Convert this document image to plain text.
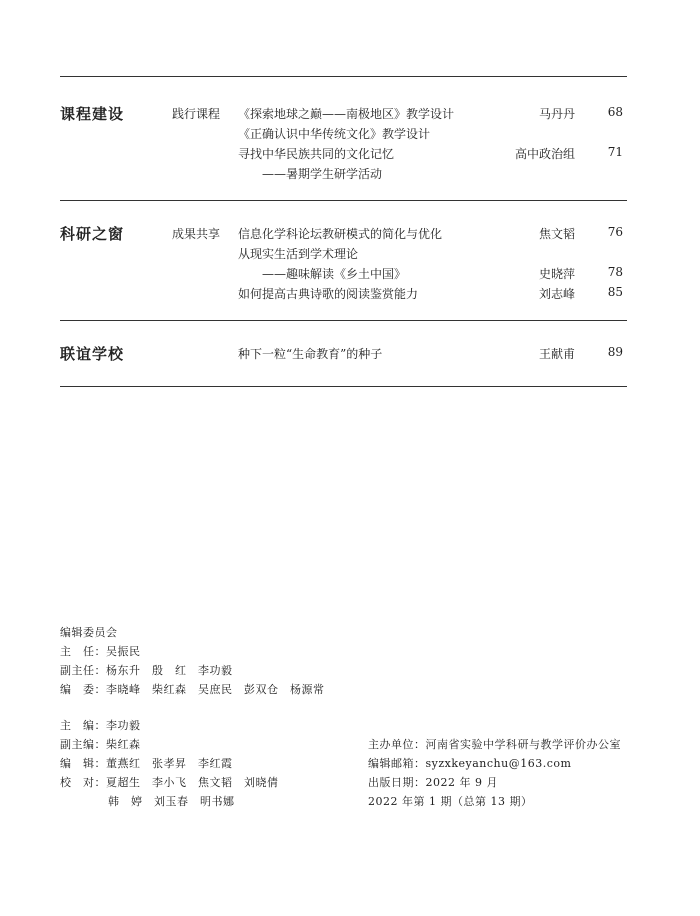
课程建设	践行课程 《探索地球之巅——南极地区》教学设计	马丹丹	68
《正确认识中华传统文化》教学设计
寻找中华民族共同的文化记忆	高中政治组	71
——暑期学生研学活动
科研之窗	成果共享 信息化学科论坛教研模式的简化与优化	焦文韬	76
从现实生活到学术理论
——趣味解读《乡土中国》	史晓萍	78
如何提高古典诗歌的阅读鉴赏能力	刘志峰	85
联谊学校	种下一粒“生命教育”的种子	王献甫	89
编辑委员会
主　任：吴振民
副主任：杨东升　殷　红　李功毅
编　委：李晓峰　柴红森　吴庶民　彭双仓　杨源常
主　编：李功毅
副主编：柴红森
编　辑：董燕红　张孝昇　李红霞
校　对：夏超生　李小飞　焦文韬　刘晓倩
韩　婷　刘玉春　明书娜
主办单位：河南省实验中学科研与教学评价办公室
编辑邮箱：syzxkeyanchu@163.com
出版日期：2022 年 9 月
2022 年第 1 期（总第 13 期）
